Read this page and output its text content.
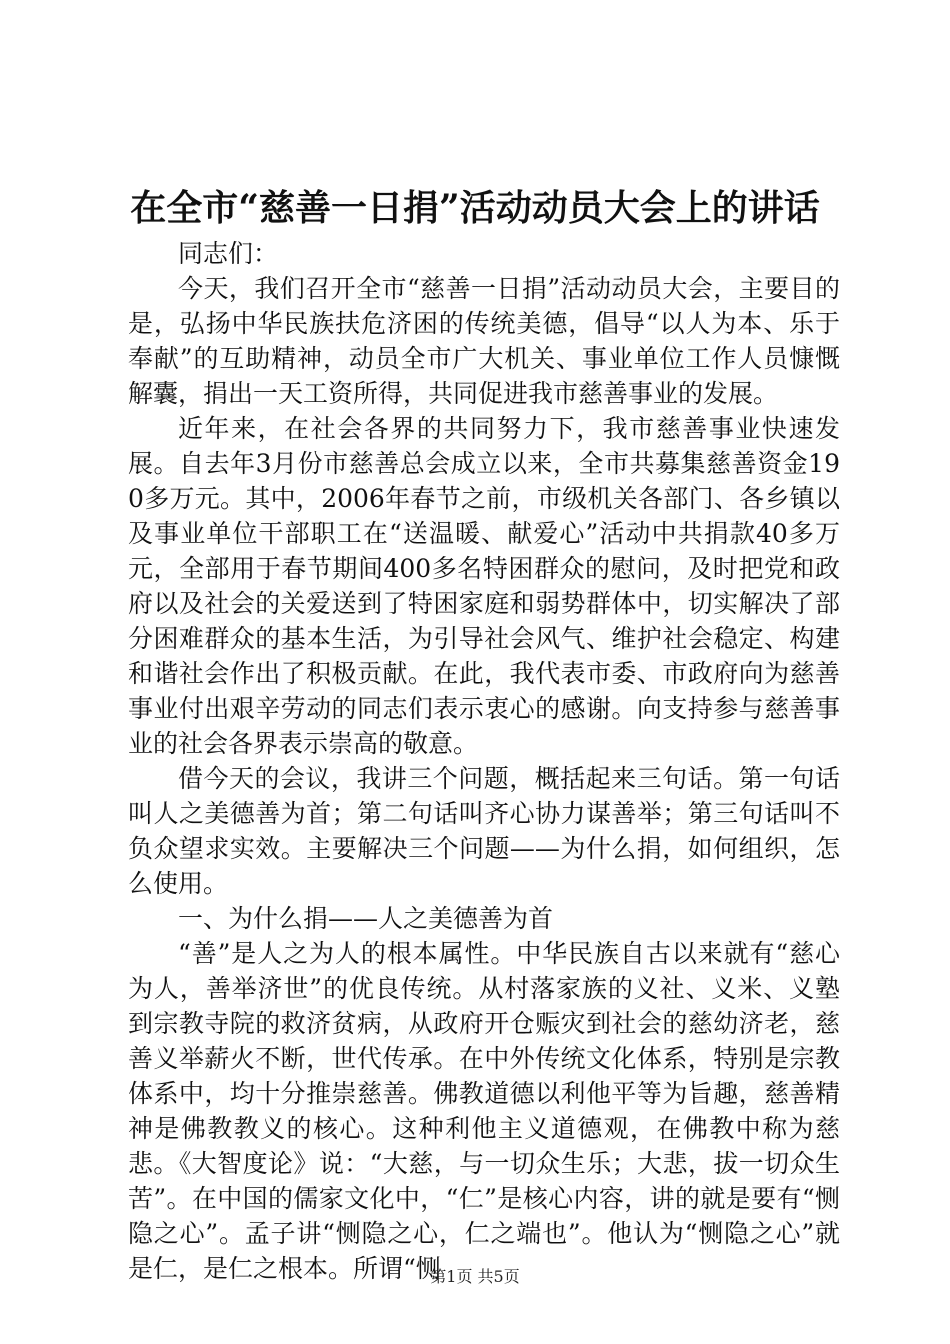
在全市“慈善一日捐”活动动员大会上的讲话

同志们：

今天，我们召开全市“慈善一日捐”活动动员大会，主要目的是，弘扬中华民族扶危济困的传统美德，倡导“以人为本、乐于奉献”的互助精神，动员全市广大机关、事业单位工作人员慷慨解囊，捐出一天工资所得，共同促进我市慈善事业的发展。

近年来，在社会各界的共同努力下，我市慈善事业快速发展。自去年3月份市慈善总会成立以来，全市共募集慈善资金190多万元。其中，2006年春节之前，市级机关各部门、各乡镇以及事业单位干部职工在“送温暖、献爱心”活动中共捐款40多万元，全部用于春节期间400多名特困群众的慰问，及时把党和政府以及社会的关爱送到了特困家庭和弱势群体中，切实解决了部分困难群众的基本生活，为引导社会风气、维护社会稳定、构建和谐社会作出了积极贡献。在此，我代表市委、市政府向为慈善事业付出艰辛劳动的同志们表示衷心的感谢。向支持参与慈善事业的社会各界表示崇高的敬意。

借今天的会议，我讲三个问题，概括起来三句话。第一句话叫人之美德善为首；第二句话叫齐心协力谋善举；第三句话叫不负众望求实效。主要解决三个问题——为什么捐，如何组织，怎么使用。

一、为什么捐——人之美德善为首

“善”是人之为人的根本属性。中华民族自古以来就有“慈心为人，善举济世”的优良传统。从村落家族的义社、义米、义塾到宗教寺院的救济贫病，从政府开仓赈灾到社会的慈幼济老，慈善义举薪火不断，世代传承。在中外传统文化体系，特别是宗教体系中，均十分推崇慈善。佛教道德以利他平等为旨趣，慈善精神是佛教教义的核心。这种利他主义道德观，在佛教中称为慈悲。《大智度论》说：“大慈，与一切众生乐；大悲，拔一切众生苦”。在中国的儒家文化中，“仁”是核心内容，讲的就是要有“恻隐之心”。孟子讲“恻隐之心，仁之端也”。他认为“恻隐之心”就是仁，是仁之根本。所谓“恻

第1页 共5页
